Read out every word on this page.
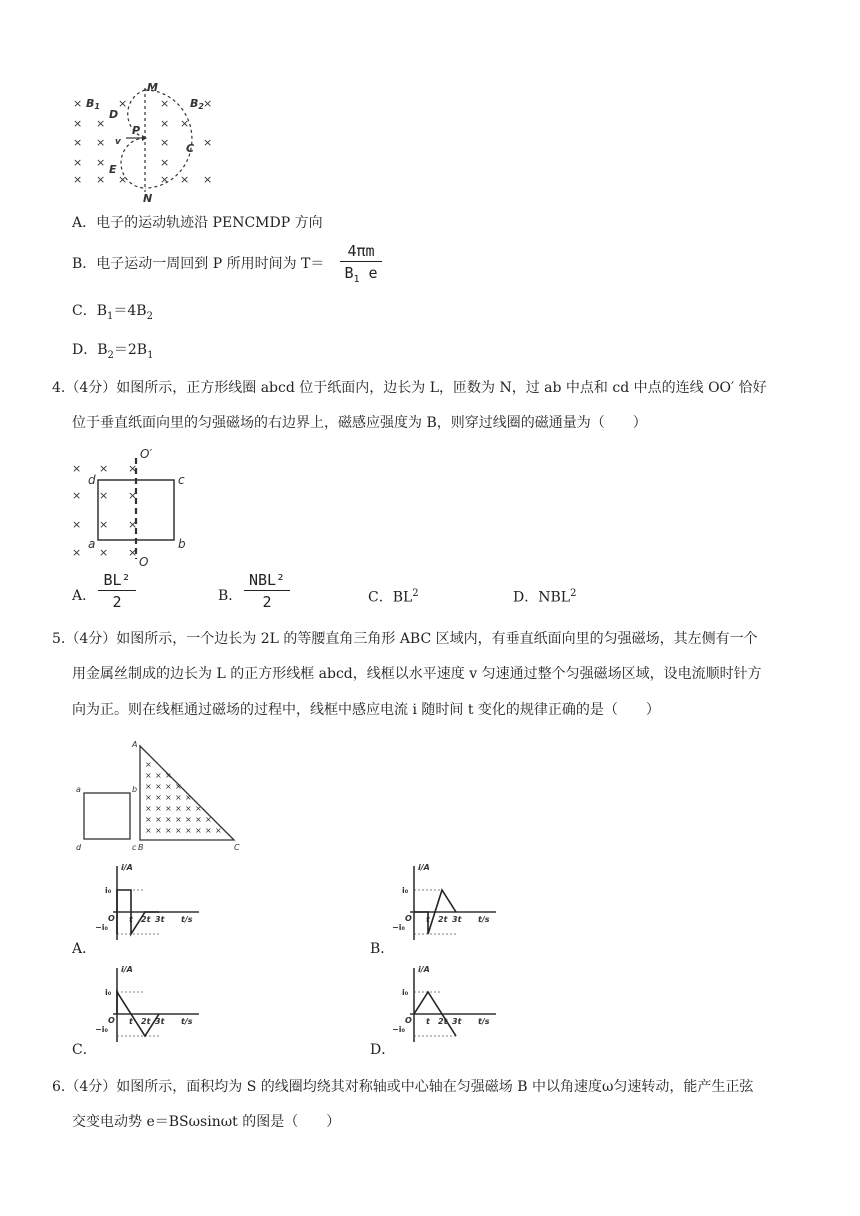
×
×
×
×
×
×
×
×
×
×
×
×
×
×
×
×
×
×
×
×
×
M
N
B1	B2
C
D
E
P
v
A．电子的运动轨迹沿 PENCMDP 方向
B．电子运动一周回到 P 所用时间为 T＝
4πm
$B_1$ e
C．$B_1=4B_2$
D．$B_2=2B_1$
4.（4分）如图所示，正方形线圈 abcd 位于纸面内，边长为 L，匝数为 N，过 ab 中点和 cd 中点的连线 OO′ 恰好
位于垂直纸面向里的匀强磁场的右边界上，磁感应强度为 B，则穿过线圈的磁通量为（　　）
× × ×
× × ×
× × ×
× × ×
O′
O
a	b
c
d
A．
BL²
2	B．
NBL²
2	C．$BL^2$	D．NBL$^2$
5.（4分）如图所示，一个边长为 2L 的等腰直角三角形 ABC 区域内，有垂直纸面向里的匀强磁场，其左侧有一个
用金属丝制成的边长为 L 的正方形线框 abcd，线框以水平速度 v 匀速通过整个匀强磁场区域，设电流顺时针方
向为正。则在线框通过磁场的过程中，线框中感应电流 i 随时间 t 变化的规律正确的是（　　）
×
× × ×
× × × ×
× × × × ×
× × × × × ×
× × × × × × ×
× × × × × × × ×
A
B	C
a	b
c
d
A．	B．
C．	D．
i/A
t/s
i₀
−i₀
O t 2t 3t
i/A
t/s
i₀
−i₀
O t 2t 3t
i/A
t/s
i₀
−i₀
O t 2t 3t
i/A
t/s
i₀
−i₀
O t 2t 3t
6.（4分）如图所示，面积均为 S 的线圈均绕其对称轴或中心轴在匀强磁场 B 中以角速度ω匀速转动，能产生正弦
交变电动势 e＝BSωsinωt 的图是（　　）
